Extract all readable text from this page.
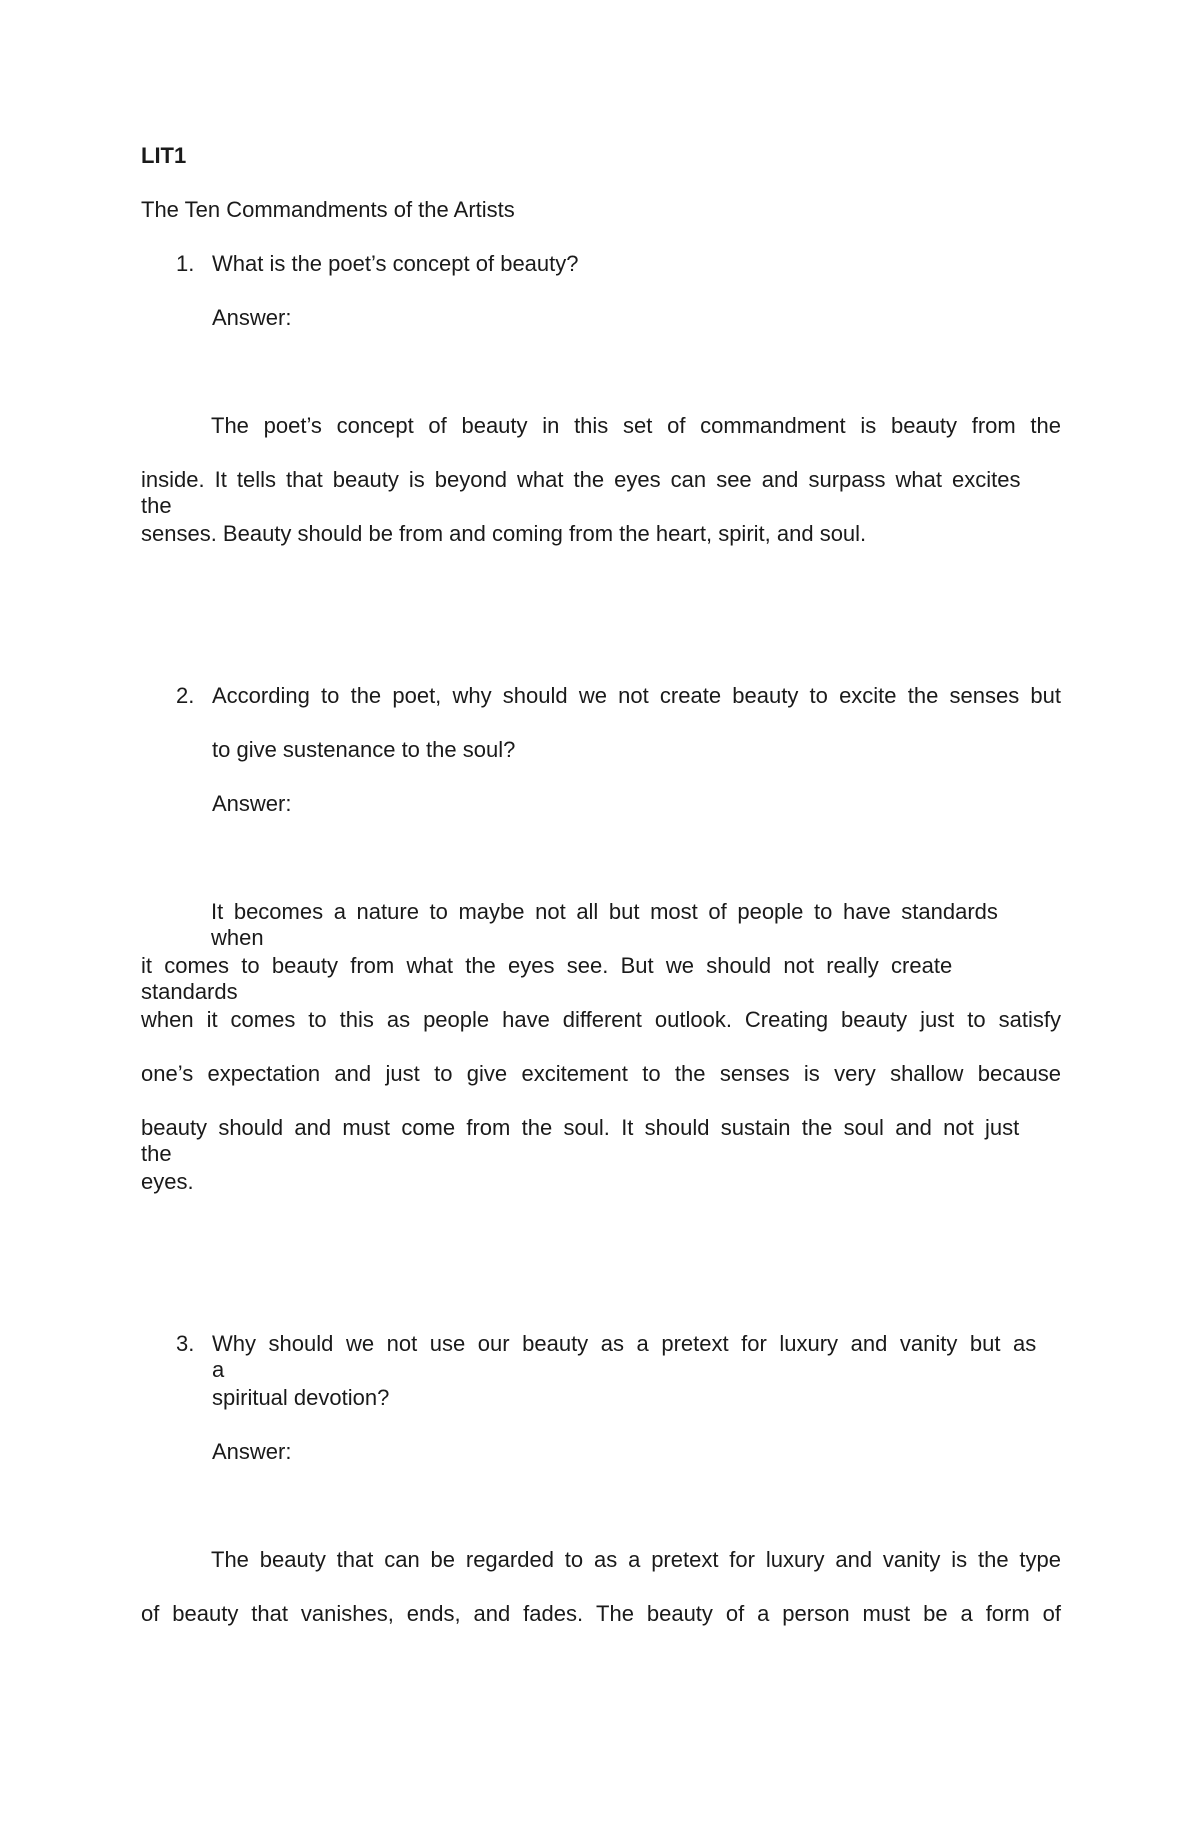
LIT1
The Ten Commandments of the Artists
1. What is the poet’s concept of beauty?
Answer:
The poet’s concept of beauty in this set of commandment is beauty from the
inside. It tells that beauty is beyond what the eyes can see and surpass what excitesthe
senses. Beauty should be from and coming from the heart, spirit, and soul.
2. According to the poet, why should we not create beauty to excite the senses but
to give sustenance to the soul?
Answer:
It becomes a nature to maybe not all but most of people to have standardswhen
it comes to beauty from what the eyes see. But we should not really createstandards
when it comes to this as people have different outlook. Creating beauty just to satisfy
one’s expectation and just to give excitement to the senses is very shallow because
beauty should and must come from the soul. It should sustain the soul and not justthe
eyes.
3. Why should we not use our beauty as a pretext for luxury and vanity but asa
spiritual devotion?
Answer:
The beauty that can be regarded to as a pretext for luxury and vanity is the type
of beauty that vanishes, ends, and fades. The beauty of a person must be a form of
